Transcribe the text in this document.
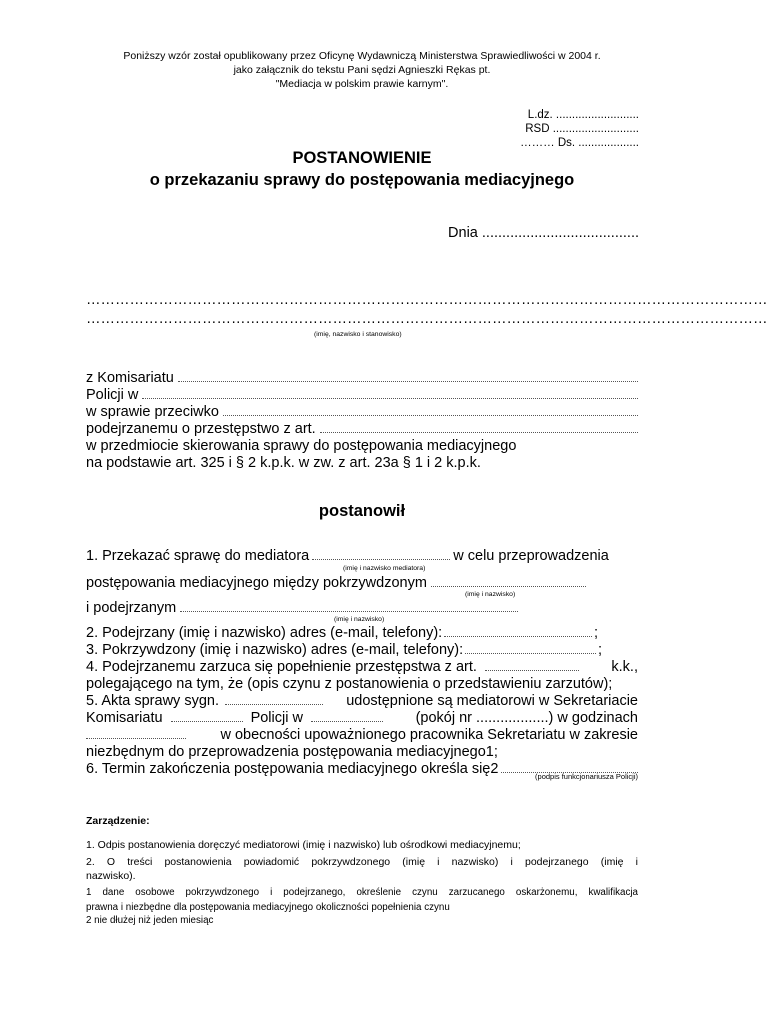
Poniższy wzór został opublikowany przez Oficynę Wydawniczą Ministerstwa Sprawiedliwości w 2004 r.
jako załącznik do tekstu Pani sędzi Agnieszki Rękas pt.
"Mediacja w polskim prawie karnym".
L.dz. ..........................
RSD ...........................
……… Ds. ...................
POSTANOWIENIE
o przekazaniu sprawy do postępowania mediacyjnego
Dnia .......................................
……………………………………………………………………………………………………………………………
……………………………………………………………………………………………………………………………
(imię, nazwisko i stanowisko)
z Komisariatu
Policji w
w sprawie przeciwko
podejrzanemu o przestępstwo z art.
w przedmiocie skierowania sprawy do postępowania mediacyjnego
na podstawie art. 325 i § 2 k.p.k. w zw. z art. 23a § 1 i 2 k.p.k.
postanowił
1. Przekazać sprawę do mediatora	w celu przeprowadzenia
(imię i nazwisko mediatora)
postępowania mediacyjnego między pokrzywdzonym
(imię i nazwisko)
i podejrzanym
(imię i nazwisko)
2. Podejrzany (imię i nazwisko) adres (e-mail, telefony):	;
3. Pokrzywdzony (imię i nazwisko) adres (e-mail, telefony):	;
4. Podejrzanemu zarzuca się popełnienie przestępstwa z art.	k.k.,
polegającego na tym, że (opis czynu z postanowienia o przedstawieniu zarzutów);
5. Akta sprawy sygn.	udostępnione są mediatorowi w Sekretariacie
Komisariatu	Policji w	(pokój nr ..................) w godzinach
w obecności upoważnionego pracownika Sekretariatu w zakresie
niezbędnym do przeprowadzenia postępowania mediacyjnego1;
6. Termin zakończenia postępowania mediacyjnego określa się2	(podpis funkcjonariusza Policji)
Zarządzenie:
1. Odpis postanowienia doręczyć mediatorowi (imię i nazwisko) lub ośrodkowi mediacyjnemu;
2. O treści postanowienia powiadomić pokrzywdzonego (imię i nazwisko) i podejrzanego (imię i
nazwisko).
1 dane osobowe pokrzywdzonego i podejrzanego, określenie czynu zarzucanego oskarżonemu, kwalifikacja
prawna i niezbędne dla postępowania mediacyjnego okoliczności popełnienia czynu
2 nie dłużej niż jeden miesiąc
